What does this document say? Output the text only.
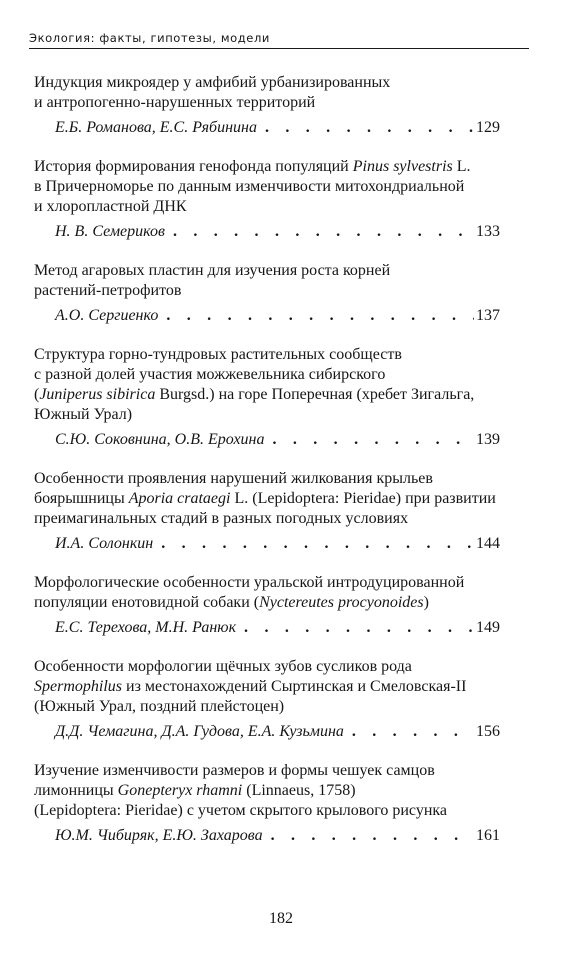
Экология: факты, гипотезы, модели

Индукция микроядер у амфибий урбанизированных
и антропогенно-нарушенных территорий

Е.Б. Романова, Е.С. Рябинина . . .	129

История формирования генофонда популяций Pinus sylvestris L.
в Причерноморье по данным изменчивости митохондриальной
и хлоропластной ДНК

Н. В. Семериков . . .	133

Метод агаровых пластин для изучения роста корней
растений-петрофитов

А.О. Сергиенко . . .	137

Структура горно-тундровых растительных сообществ
с разной долей участия можжевельника сибирского
(Juniperus sibirica Burgsd.) на горе Поперечная (хребет Зигальга,
Южный Урал)

С.Ю. Соковнина, О.В. Ерохина . . .	139

Особенности проявления нарушений жилкования крыльев
боярышницы Aporia crataegi L. (Lepidoptera: Pieridae) при развитии
преимагинальных стадий в разных погодных условиях

И.А. Солонкин . . .	144

Морфологические особенности уральской интродуцированной
популяции енотовидной собаки (Nyctereutes procyonoides)

Е.С. Терехова, М.Н. Ранюк . . .	149

Особенности морфологии щёчных зубов сусликов рода
Spermophilus из местонахождений Сыртинская и Смеловская-II
(Южный Урал, поздний плейстоцен)

Д.Д. Чемагина, Д.А. Гудова, Е.А. Кузьмина . . .	156

Изучение изменчивости размеров и формы чешуек самцов
лимонницы Gonepteryx rhamni (Linnaeus, 1758)
(Lepidoptera: Pieridae) с учетом скрытого крылового рисунка

Ю.М. Чибиряк, Е.Ю. Захарова . . .	161
182
